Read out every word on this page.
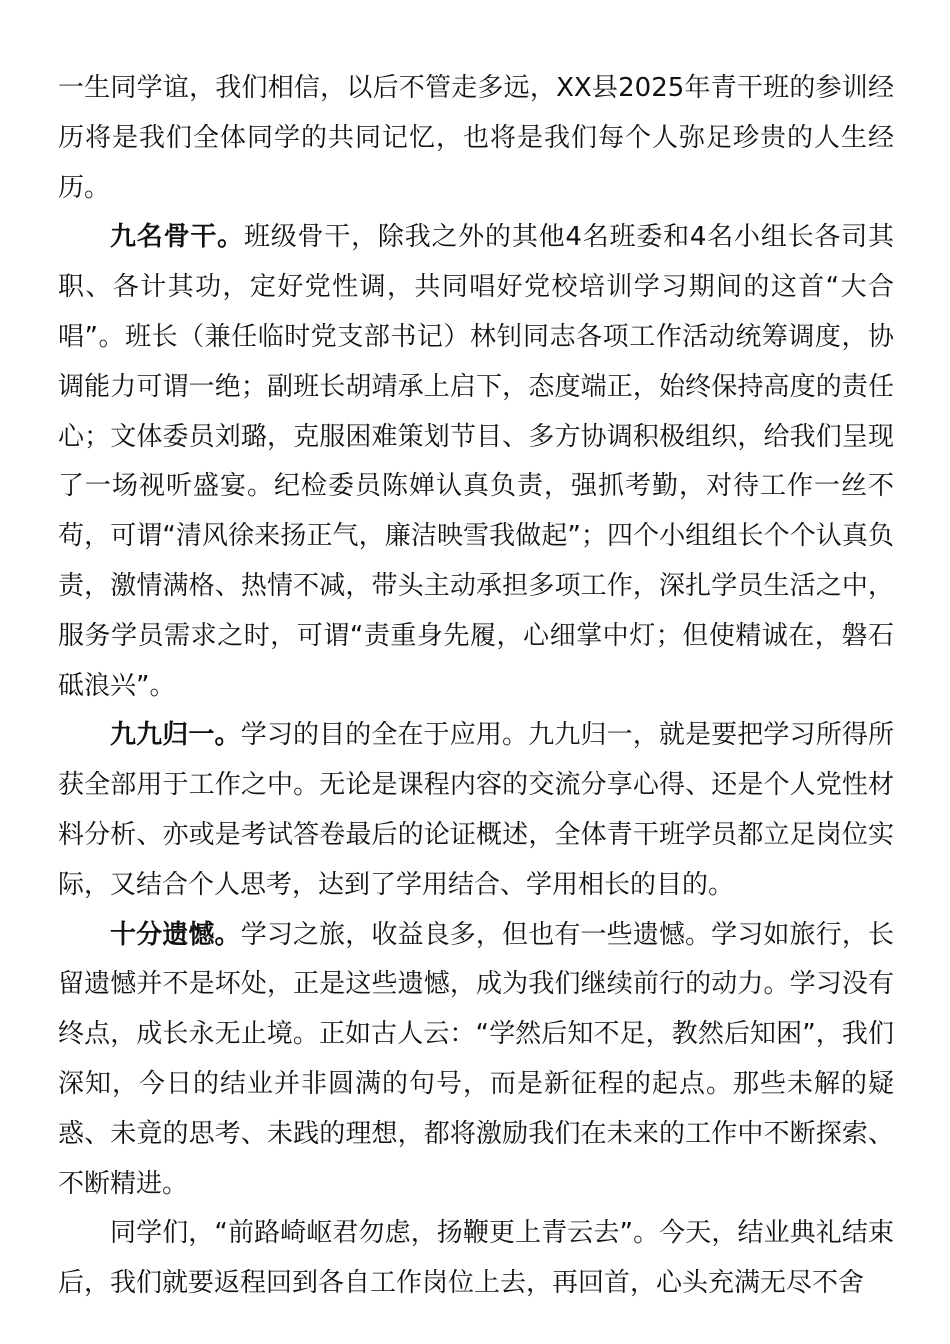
一生同学谊，我们相信，以后不管走多远，XX县2025年青干班的参训经历将是我们全体同学的共同记忆，也将是我们每个人弥足珍贵的人生经历。

九名骨干。班级骨干，除我之外的其他4名班委和4名小组长各司其职、各计其功，定好党性调，共同唱好党校培训学习期间的这首“大合唱”。班长（兼任临时党支部书记）林钊同志各项工作活动统筹调度，协调能力可谓一绝；副班长胡靖承上启下，态度端正，始终保持高度的责任心；文体委员刘璐，克服困难策划节目、多方协调积极组织，给我们呈现了一场视听盛宴。纪检委员陈婵认真负责，强抓考勤，对待工作一丝不苟，可谓“清风徐来扬正气，廉洁映雪我做起”；四个小组组长个个认真负责，激情满格、热情不减，带头主动承担多项工作，深扎学员生活之中，服务学员需求之时，可谓“责重身先履，心细掌中灯；但使精诚在，磐石砥浪兴”。

九九归一。学习的目的全在于应用。九九归一，就是要把学习所得所获全部用于工作之中。无论是课程内容的交流分享心得、还是个人党性材料分析、亦或是考试答卷最后的论证概述，全体青干班学员都立足岗位实际，又结合个人思考，达到了学用结合、学用相长的目的。

十分遗憾。学习之旅，收益良多，但也有一些遗憾。学习如旅行，长留遗憾并不是坏处，正是这些遗憾，成为我们继续前行的动力。学习没有终点，成长永无止境。正如古人云：“学然后知不足，教然后知困”，我们深知，今日的结业并非圆满的句号，而是新征程的起点。那些未解的疑惑、未竟的思考、未践的理想，都将激励我们在未来的工作中不断探索、不断精进。

同学们，“前路崎岖君勿虑，扬鞭更上青云去”。今天，结业典礼结束后，我们就要返程回到各自工作岗位上去，再回首，心头充满无尽不舍
